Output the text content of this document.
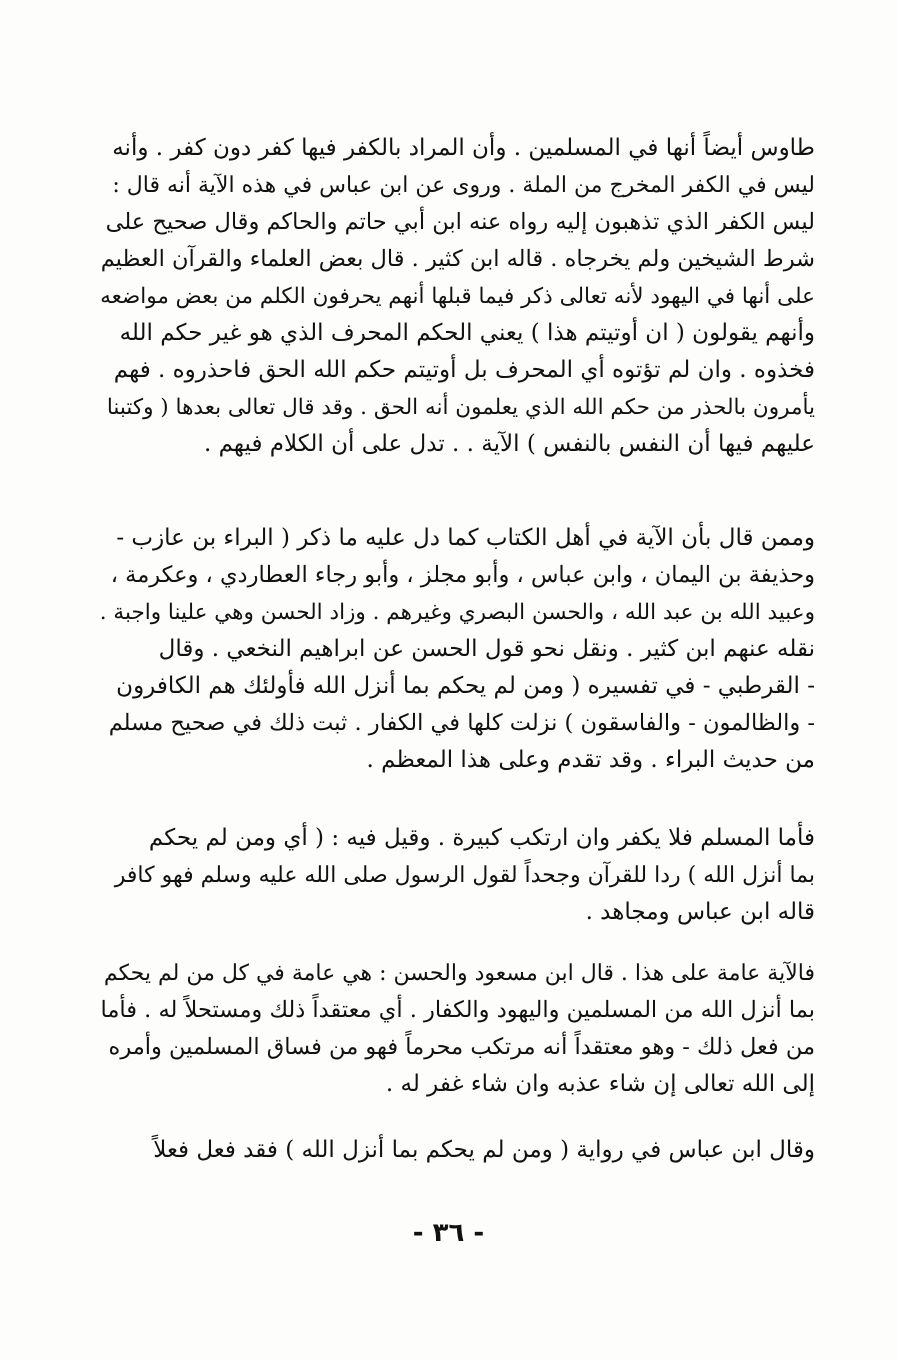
طاوس أيضاً أنها في المسلمين . وأن المراد بالكفر فيها كفر دون كفر . وأنه
ليس في الكفر المخرج من الملة . وروى عن ابن عباس في هذه الآية أنه قال :
ليس الكفر الذي تذهبون إليه رواه عنه ابن أبي حاتم والحاكم وقال صحيح على
شرط الشيخين ولم يخرجاه . قاله ابن كثير . قال بعض العلماء والقرآن العظيم
على أنها في اليهود لأنه تعالى ذكر فيما قبلها أنهم يحرفون الكلم من بعض مواضعه
وأنهم يقولون ( ان أوتيتم هذا ) يعني الحكم المحرف الذي هو غير حكم الله
فخذوه . وان لم تؤتوه أي المحرف بل أوتيتم حكم الله الحق فاحذروه . فهم
يأمرون بالحذر من حكم الله الذي يعلمون أنه الحق . وقد قال تعالى بعدها ( وكتبنا
عليهم فيها أن النفس بالنفس ) الآية . . تدل على أن الكلام فيهم .
وممن قال بأن الآية في أهل الكتاب كما دل عليه ما ذكر ( البراء بن عازب -
وحذيفة بن اليمان ، وابن عباس ، وأبو مجلز ، وأبو رجاء العطاردي ، وعكرمة ،
وعبيد الله بن عبد الله ، والحسن البصري وغيرهم . وزاد الحسن وهي علينا واجبة .
نقله عنهم ابن كثير . ونقل نحو قول الحسن عن ابراهيم النخعي . وقال
- القرطبي - في تفسيره ( ومن لم يحكم بما أنزل الله فأولئك هم الكافرون
- والظالمون - والفاسقون ) نزلت كلها في الكفار . ثبت ذلك في صحيح مسلم
من حديث البراء . وقد تقدم وعلى هذا المعظم .
فأما المسلم فلا يكفر وان ارتكب كبيرة . وقيل فيه : ( أي ومن لم يحكم
بما أنزل الله ) ردا للقرآن وجحداً لقول الرسول صلى الله عليه وسلم فهو كافر
قاله ابن عباس ومجاهد .
فالآية عامة على هذا . قال ابن مسعود والحسن : هي عامة في كل من لم يحكم
بما أنزل الله من المسلمين واليهود والكفار . أي معتقداً ذلك ومستحلاً له . فأما
من فعل ذلك - وهو معتقداً أنه مرتكب محرماً فهو من فساق المسلمين وأمره
إلى الله تعالى إن شاء عذبه وان شاء غفر له .
وقال ابن عباس في رواية ( ومن لم يحكم بما أنزل الله ) فقد فعل فعلاً
- ٣٦ -
